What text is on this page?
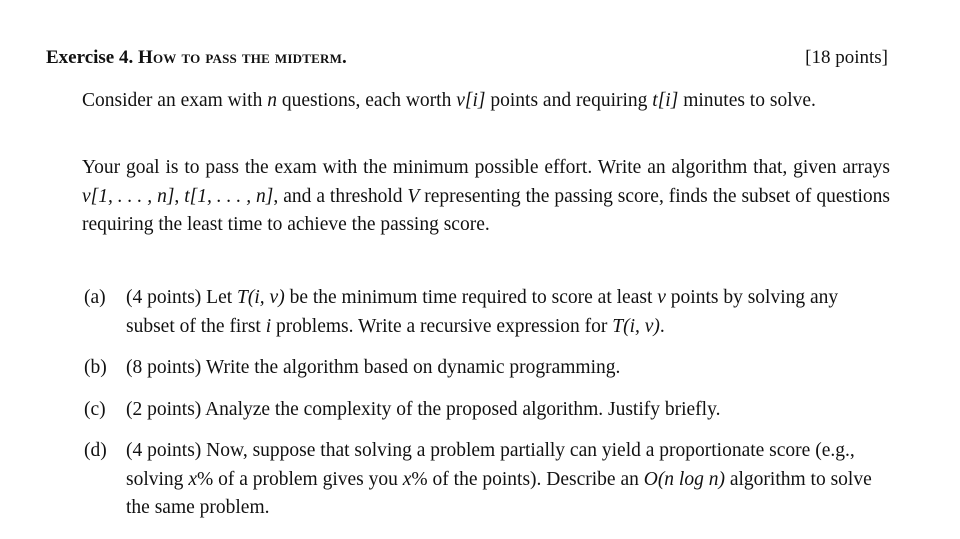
Exercise 4. How to pass the midterm.	[18 points]
Consider an exam with n questions, each worth v[i] points and requiring t[i] minutes to solve.
Your goal is to pass the exam with the minimum possible effort. Write an algorithm that, given arrays v[1, . . . , n], t[1, . . . , n], and a threshold V representing the passing score, finds the subset of questions requiring the least time to achieve the passing score.
(a)	(4 points) Let T(i, v) be the minimum time required to score at least v points by solving any subset of the first i problems. Write a recursive expression for T(i, v).
(b) (8 points) Write the algorithm based on dynamic programming.
(c)	(2 points) Analyze the complexity of the proposed algorithm. Justify briefly.
(d) (4 points) Now, suppose that solving a problem partially can yield a proportionate score (e.g., solving x% of a problem gives you x% of the points). Describe an O(n log n) algorithm to solve the same problem.
